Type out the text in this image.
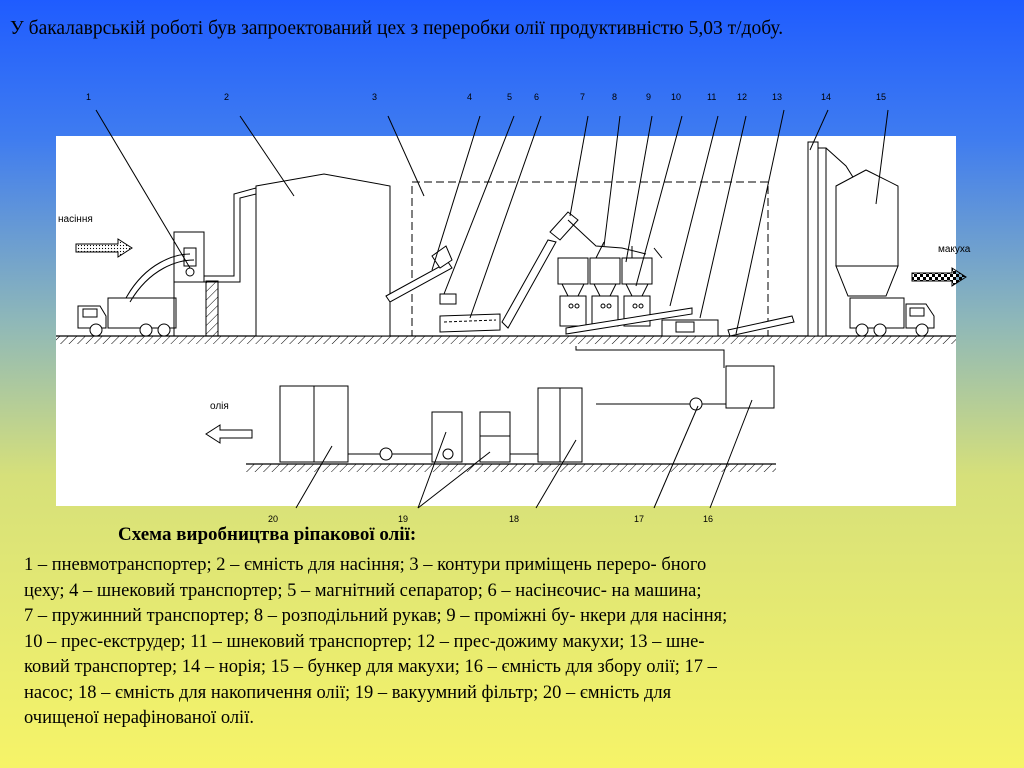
У бакалаврській роботі був запроектований цех з переробки олії продуктивністю 5,03 т/добу.
насіння
макуха
олія
1	2	3	4	5 6	7	8	9 10	11 12	13	14	15
16
17
18
19
20
Схема виробництва ріпакової олії:
1 – пневмотранспортер; 2 – ємність для насіння; 3 – контури приміщень переро- бного
цеху; 4 – шнековий транспортер; 5 – магнітний сепаратор; 6 – насінєочис- на машина;
7 – пружинний транспортер; 8 – розподільний рукав; 9 – проміжні бу- нкери для насіння;
10 – прес-екструдер; 11 – шнековий транспортер; 12 – прес-дожиму макухи; 13 – шне-
ковий транспортер; 14 – норія; 15 – бункер для макухи; 16 – ємність для збору олії; 17 –
насос; 18 – ємність для накопичення олії; 19 – вакуумний фільтр; 20 – ємність для
очищеної нерафінованої олії.
